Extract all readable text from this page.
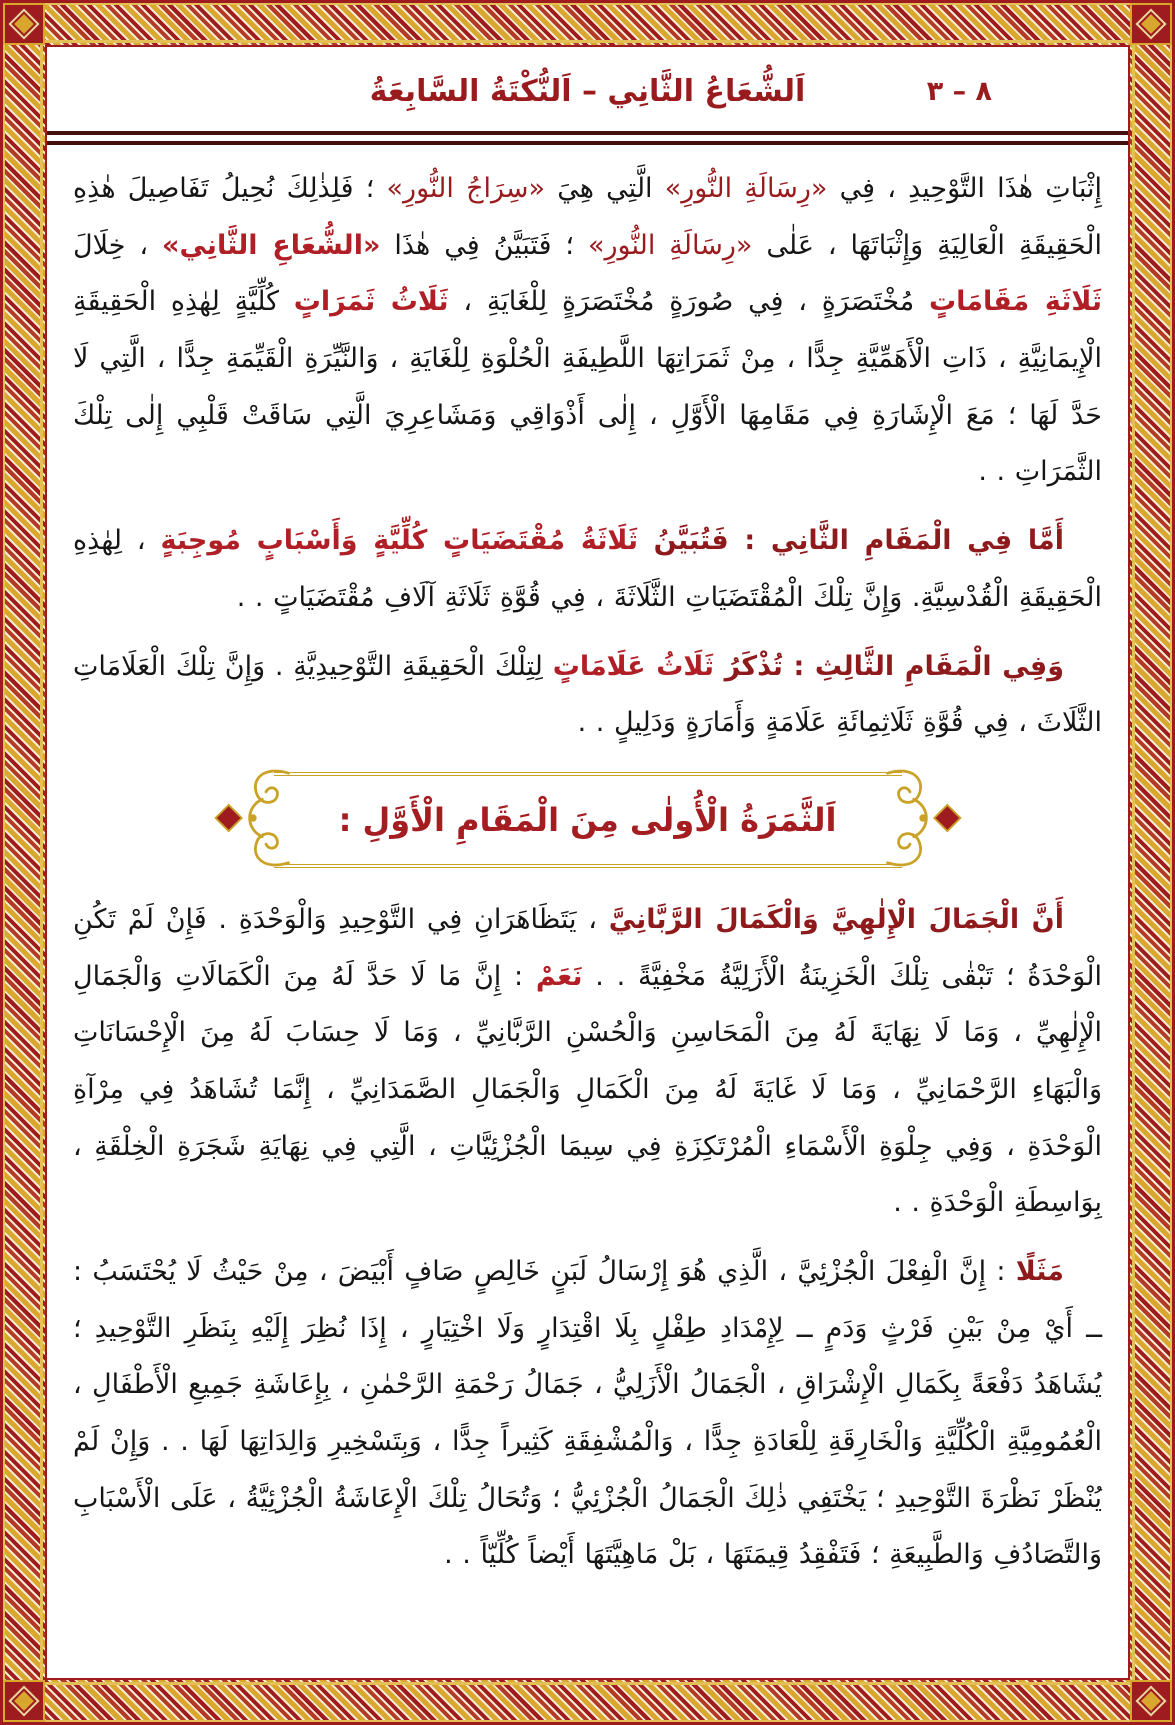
اَلشُّعَاعُ الثَّانِي – اَلنُّكْتَةُ السَّابِعَةُ	٨ – ٣

إِثْبَاتِ هٰذَا التَّوْحِيدِ ، فِي «رِسَالَةِ النُّورِ» الَّتِي هِيَ «سِرَاجُ النُّورِ» ؛ فَلِذٰلِكَ نُحِيلُ تَفَاصِيلَ هٰذِهِ الْحَقِيقَةِ الْعَالِيَةِ وَإِثْبَاتَهَا ، عَلٰى «رِسَالَةِ النُّورِ» ؛ فَتَبَيَّنُ فِي هٰذَا «الشُّعَاعِ الثَّانِي» ، خِلَالَ ثَلَاثَةِ مَقَامَاتٍ مُخْتَصَرَةٍ ، فِي صُورَةٍ مُخْتَصَرَةٍ لِلْغَايَةِ ، ثَلَاثُ ثَمَرَاتٍ كُلِّيَّةٍ لِهٰذِهِ الْحَقِيقَةِ الْإِيمَانِيَّةِ ، ذَاتِ الْأَهَمِّيَّةِ جِدًّا ، مِنْ ثَمَرَاتِهَا اللَّطِيفَةِ الْحُلْوَةِ لِلْغَايَةِ ، وَالنَّيِّرَةِ الْقَيِّمَةِ جِدًّا ، الَّتِي لَا حَدَّ لَهَا ؛ مَعَ الْإِشَارَةِ فِي مَقَامِهَا الْأَوَّلِ ، إِلٰى أَذْوَاقِي وَمَشَاعِرِيَ الَّتِي سَاقَتْ قَلْبِي إِلٰى تِلْكَ الثَّمَرَاتِ . .

أَمَّا فِي الْمَقَامِ الثَّانِي : فَتُبَيَّنُ ثَلَاثَةُ مُقْتَضَيَاتٍ كُلِّيَّةٍ وَأَسْبَابٍ مُوجِبَةٍ ، لِهٰذِهِ الْحَقِيقَةِ الْقُدْسِيَّةِ. وَإِنَّ تِلْكَ الْمُقْتَضَيَاتِ الثَّلَاثَةَ ، فِي قُوَّةِ ثَلَاثَةِ آلَافِ مُقْتَضَيَاتٍ . .

وَفِي الْمَقَامِ الثَّالِثِ : تُذْكَرُ ثَلَاثُ عَلَامَاتٍ لِتِلْكَ الْحَقِيقَةِ التَّوْحِيدِيَّةِ . وَإِنَّ تِلْكَ الْعَلَامَاتِ الثَّلَاثَ ، فِي قُوَّةِ ثَلَاثِمِائَةِ عَلَامَةٍ وَأَمَارَةٍ وَدَلِيلٍ . .

اَلثَّمَرَةُ الْأُولٰى مِنَ الْمَقَامِ الْأَوَّلِ :

أَنَّ الْجَمَالَ الْإِلٰهِيَّ وَالْكَمَالَ الرَّبَّانِيَّ ، يَتَظَاهَرَانِ فِي التَّوْحِيدِ وَالْوَحْدَةِ . فَإِنْ لَمْ تَكُنِ الْوَحْدَةُ ؛ تَبْقٰى تِلْكَ الْخَزِينَةُ الْأَزَلِيَّةُ مَخْفِيَّةً . . نَعَمْ : إِنَّ مَا لَا حَدَّ لَهُ مِنَ الْكَمَالَاتِ وَالْجَمَالِ الْإِلٰهِيِّ ، وَمَا لَا نِهَايَةَ لَهُ مِنَ الْمَحَاسِنِ وَالْحُسْنِ الرَّبَّانِيِّ ، وَمَا لَا حِسَابَ لَهُ مِنَ الْإِحْسَانَاتِ وَالْبَهَاءِ الرَّحْمَانِيِّ ، وَمَا لَا غَايَةَ لَهُ مِنَ الْكَمَالِ وَالْجَمَالِ الصَّمَدَانِيِّ ، إِنَّمَا تُشَاهَدُ فِي مِرْآةِ الْوَحْدَةِ ، وَفِي جِلْوَةِ الْأَسْمَاءِ الْمُرْتَكِزَةِ فِي سِيمَا الْجُزْئِيَّاتِ ، الَّتِي فِي نِهَايَةِ شَجَرَةِ الْخِلْقَةِ ، بِوَاسِطَةِ الْوَحْدَةِ . .

مَثَلًا : إِنَّ الْفِعْلَ الْجُزْئِيَّ ، الَّذِي هُوَ إِرْسَالُ لَبَنٍ خَالِصٍ صَافٍ أَبْيَضَ ، مِنْ حَيْثُ لَا يُحْتَسَبُ : ــ أَيْ مِنْ بَيْنِ فَرْثٍ وَدَمٍ ــ لِإِمْدَادِ طِفْلٍ بِلَا اقْتِدَارٍ وَلَا اخْتِيَارٍ ، إِذَا نُظِرَ إِلَيْهِ بِنَظَرِ التَّوْحِيدِ ؛ يُشَاهَدُ دَفْعَةً بِكَمَالِ الْإِشْرَاقِ ، الْجَمَالُ الْأَزَلِيُّ ، جَمَالُ رَحْمَةِ الرَّحْمٰنِ ، بِإِعَاشَةِ جَمِيعِ الْأَطْفَالِ ، الْعُمُومِيَّةِ الْكُلِّيَّةِ وَالْخَارِقَةِ لِلْعَادَةِ جِدًّا ، وَالْمُشْفِقَةِ كَثِيراً جِدًّا ، وَبِتَسْخِيرِ وَالِدَاتِهَا لَهَا . . وَإِنْ لَمْ يُنْظَرْ نَظْرَةَ التَّوْحِيدِ ؛ يَخْتَفِي ذٰلِكَ الْجَمَالُ الْجُزْئِيُّ ؛ وَتُحَالُ تِلْكَ الْإِعَاشَةُ الْجُزْئِيَّةُ ، عَلَى الْأَسْبَابِ وَالتَّصَادُفِ وَالطَّبِيعَةِ ؛ فَتَفْقِدُ قِيمَتَهَا ، بَلْ مَاهِيَّتَهَا أَيْضاً كُلِّيّاً . .
